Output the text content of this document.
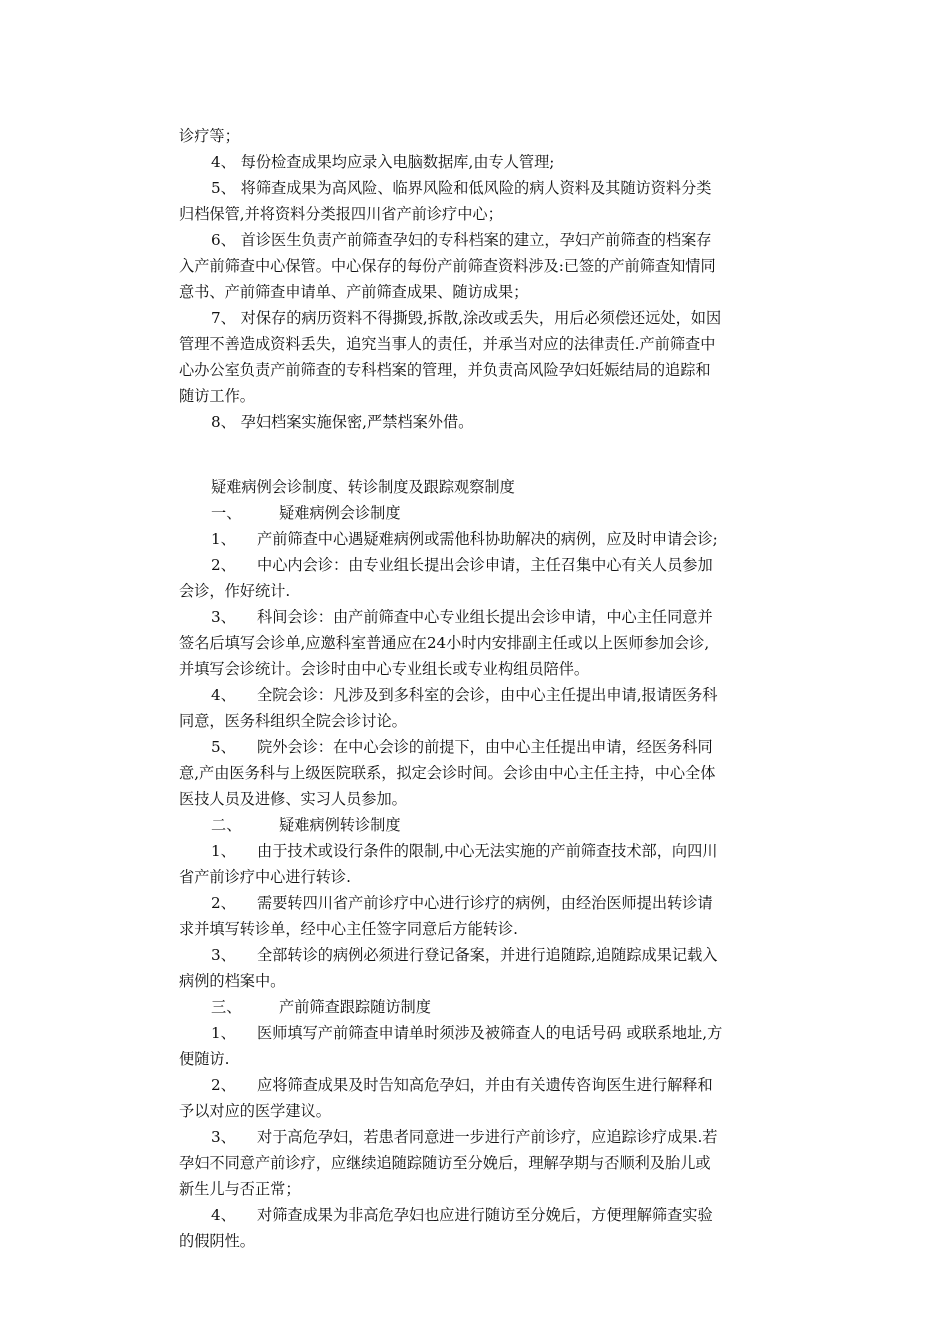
诊疗等；
4、 每份检查成果均应录入电脑数据库,由专人管理;
5、 将筛查成果为高风险、临界风险和低风险的病人资料及其随访资料分类
归档保管,并将资料分类报四川省产前诊疗中心；
6、 首诊医生负责产前筛查孕妇的专科档案的建立，孕妇产前筛查的档案存
入产前筛查中心保管。中心保存的每份产前筛查资料涉及:已签的产前筛查知情同
意书、产前筛查申请单、产前筛查成果、随访成果；
7、 对保存的病历资料不得撕毁,拆散,涂改或丢失，用后必须偿还远处，如因
管理不善造成资料丢失，追究当事人的责任，并承当对应的法律责任.产前筛查中
心办公室负责产前筛查的专科档案的管理，并负责高风险孕妇妊娠结局的追踪和
随访工作。
8、 孕妇档案实施保密,严禁档案外借。
疑难病例会诊制度、转诊制度及跟踪观察制度
一、 疑难病例会诊制度
1、 产前筛查中心遇疑难病例或需他科协助解决的病例，应及时申请会诊;
2、 中心内会诊：由专业组长提出会诊申请，主任召集中心有关人员参加
会诊，作好统计.
3、 科间会诊：由产前筛查中心专业组长提出会诊申请，中心主任同意并
签名后填写会诊单,应邀科室普通应在24小时内安排副主任或以上医师参加会诊,
并填写会诊统计。会诊时由中心专业组长或专业构组员陪伴。
4、 全院会诊：凡涉及到多科室的会诊，由中心主任提出申请,报请医务科
同意，医务科组织全院会诊讨论。
5、 院外会诊：在中心会诊的前提下，由中心主任提出申请，经医务科同
意,产由医务科与上级医院联系，拟定会诊时间。会诊由中心主任主持，中心全体
医技人员及进修、实习人员参加。
二、 疑难病例转诊制度
1、 由于技术或设行条件的限制,中心无法实施的产前筛查技术部，向四川
省产前诊疗中心进行转诊.
2、 需要转四川省产前诊疗中心进行诊疗的病例，由经治医师提出转诊请
求并填写转诊单，经中心主任签字同意后方能转诊.
3、 全部转诊的病例必须进行登记备案，并进行追随踪,追随踪成果记载入
病例的档案中。
三、 产前筛查跟踪随访制度
1、 医师填写产前筛查申请单时须涉及被筛查人的电话号码 或联系地址,方
便随访.
2、 应将筛查成果及时告知高危孕妇，并由有关遗传咨询医生进行解释和
予以对应的医学建议。
3、 对于高危孕妇，若患者同意进一步进行产前诊疗，应追踪诊疗成果.若
孕妇不同意产前诊疗，应继续追随踪随访至分娩后，理解孕期与否顺利及胎儿或
新生儿与否正常；
4、 对筛查成果为非高危孕妇也应进行随访至分娩后，方便理解筛查实验
的假阴性。
